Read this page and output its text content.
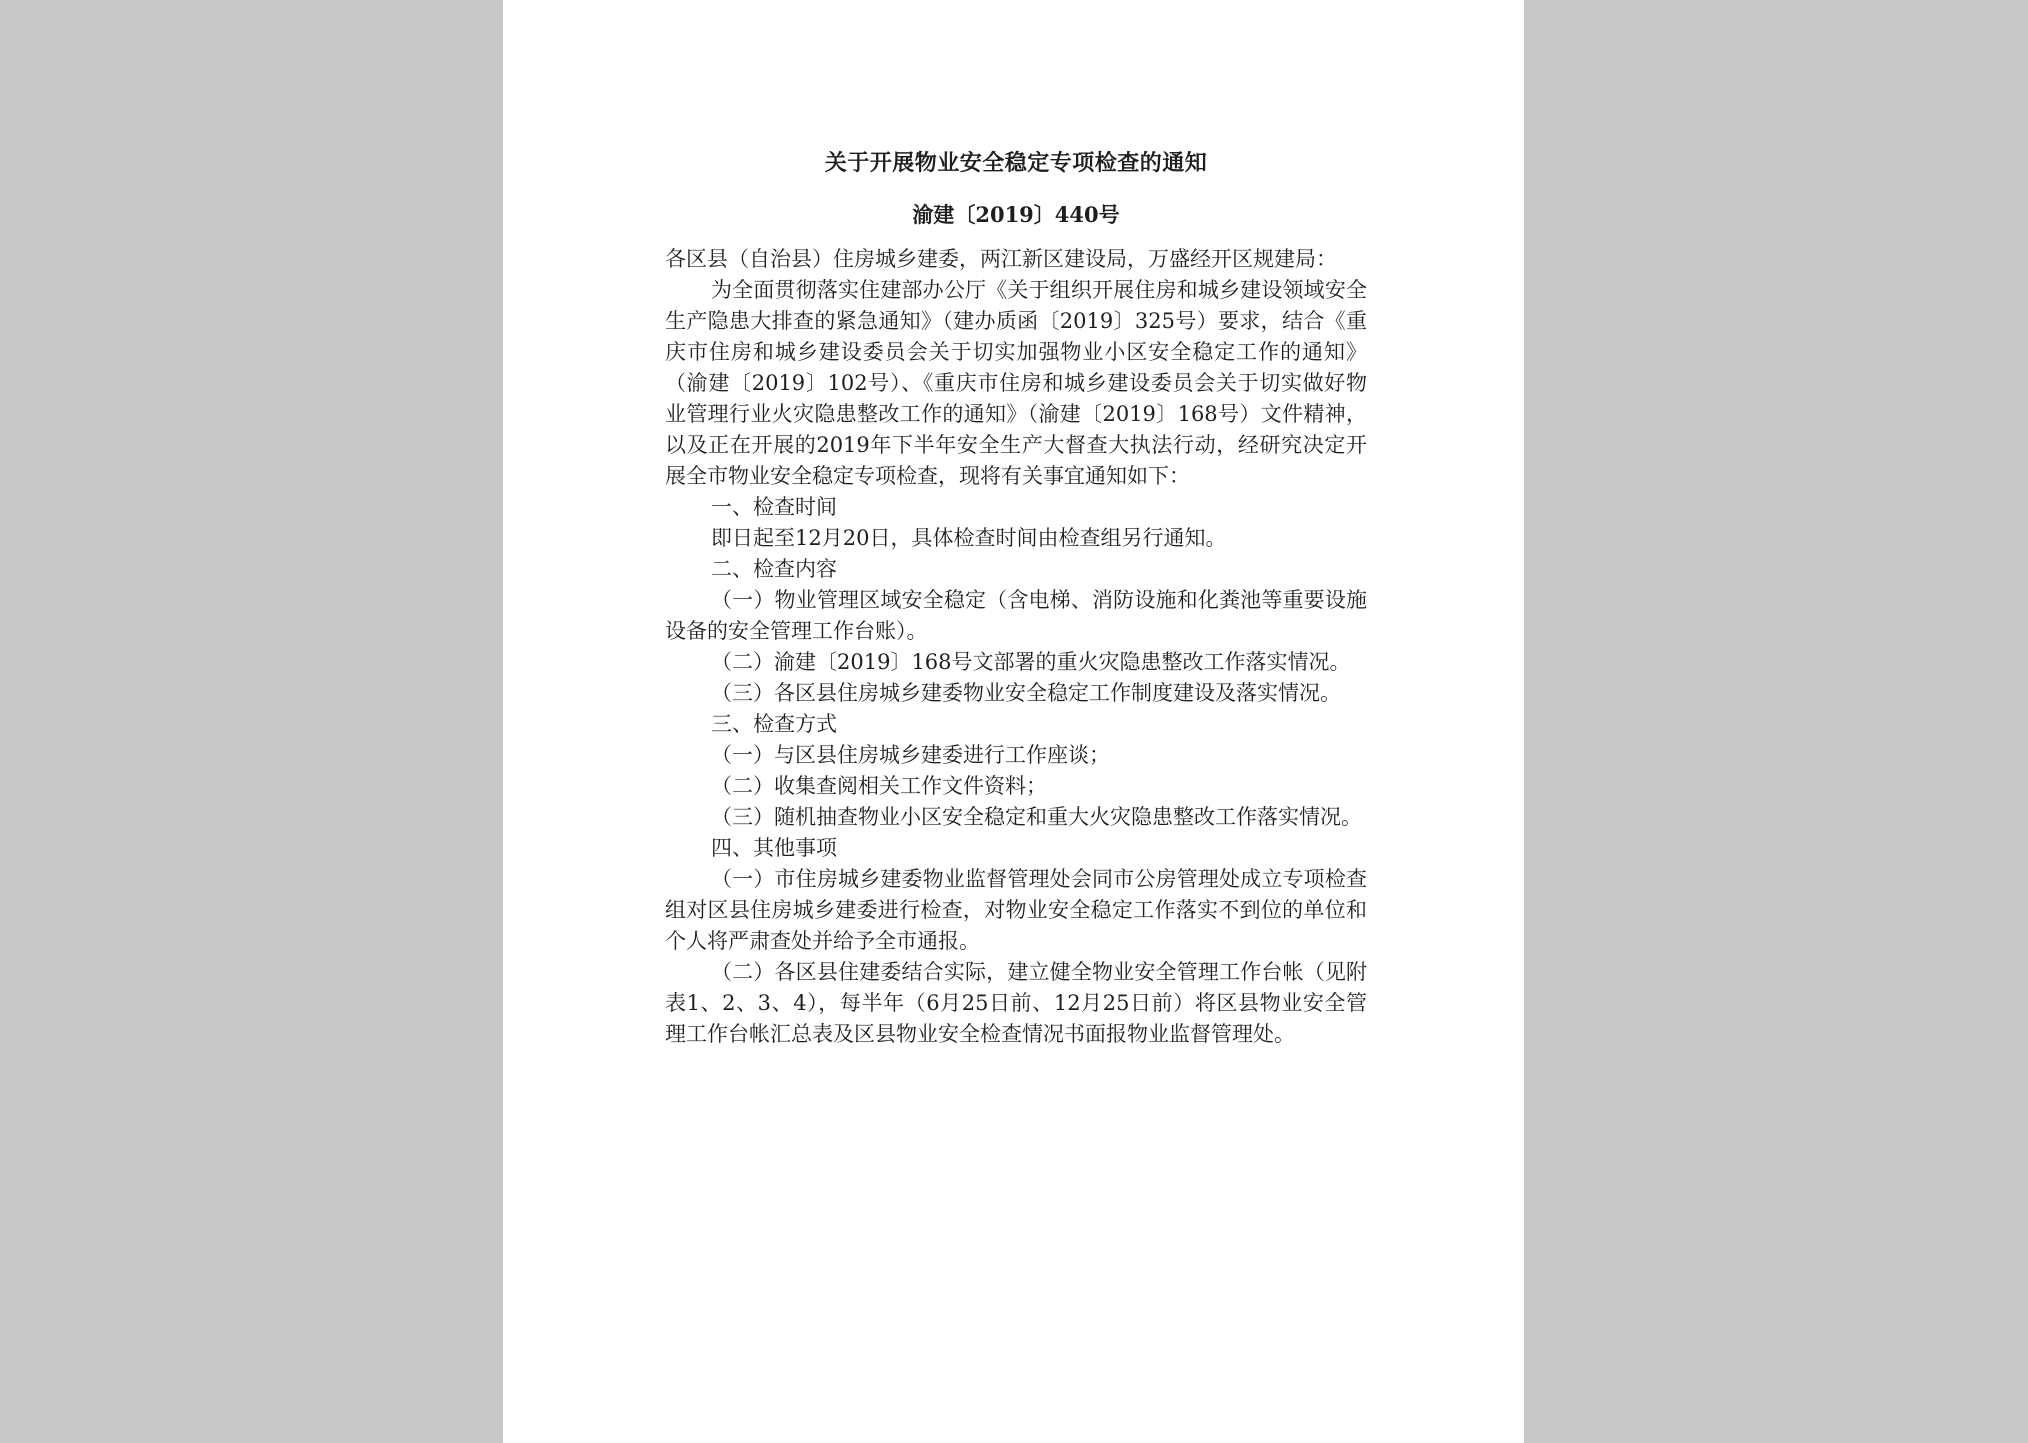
关于开展物业安全稳定专项检查的通知
渝建〔2019〕440号

各区县（自治县）住房城乡建委，两江新区建设局，万盛经开区规建局：

为全面贯彻落实住建部办公厅《关于组织开展住房和城乡建设领域安全生产隐患大排查的紧急通知》（建办质函〔2019〕325号）要求，结合《重庆市住房和城乡建设委员会关于切实加强物业小区安全稳定工作的通知》（渝建〔2019〕102号）、《重庆市住房和城乡建设委员会关于切实做好物业管理行业火灾隐患整改工作的通知》（渝建〔2019〕168号）文件精神，以及正在开展的2019年下半年安全生产大督查大执法行动，经研究决定开展全市物业安全稳定专项检查，现将有关事宜通知如下：

一、检查时间

即日起至12月20日，具体检查时间由检查组另行通知。

二、检查内容

（一）物业管理区域安全稳定（含电梯、消防设施和化粪池等重要设施设备的安全管理工作台账）。

（二）渝建〔2019〕168号文部署的重火灾隐患整改工作落实情况。

（三）各区县住房城乡建委物业安全稳定工作制度建设及落实情况。

三、检查方式

（一）与区县住房城乡建委进行工作座谈；

（二）收集查阅相关工作文件资料；

（三）随机抽查物业小区安全稳定和重大火灾隐患整改工作落实情况。

四、其他事项

（一）市住房城乡建委物业监督管理处会同市公房管理处成立专项检查组对区县住房城乡建委进行检查，对物业安全稳定工作落实不到位的单位和个人将严肃查处并给予全市通报。

（二）各区县住建委结合实际，建立健全物业安全管理工作台帐（见附表1、2、3、4），每半年（6月25日前、12月25日前）将区县物业安全管理工作台帐汇总表及区县物业安全检查情况书面报物业监督管理处。
